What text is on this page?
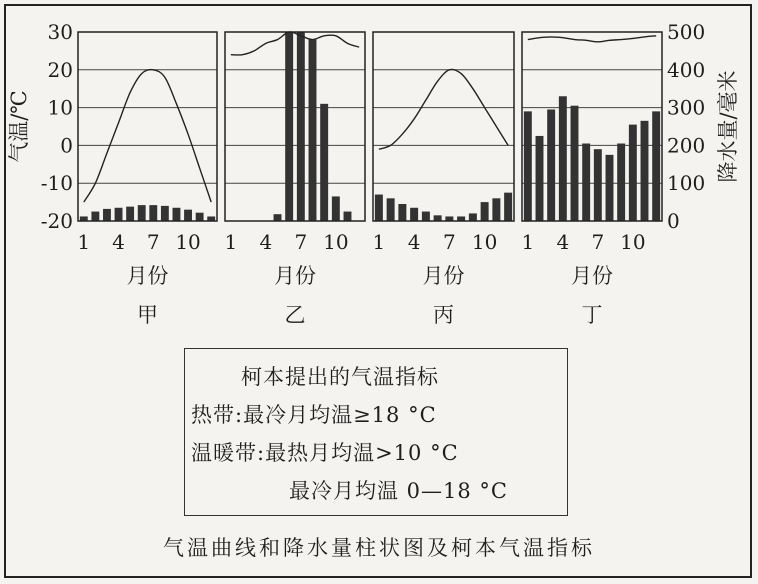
30
20
10
0
-10
-20
500
400
300
200
100
0
气温/℃	降水量/毫米
1 4 7 10
月份
甲
1 4 7 10
月份
乙
1 4 7 10
月份
丙
1 4 7 10
月份
丁
柯本提出的气温指标
热带:最冷月均温≥18 °C
温暖带:最热月均温>10 °C
最冷月均温 0—18 °C
气温曲线和降水量柱状图及柯本气温指标
